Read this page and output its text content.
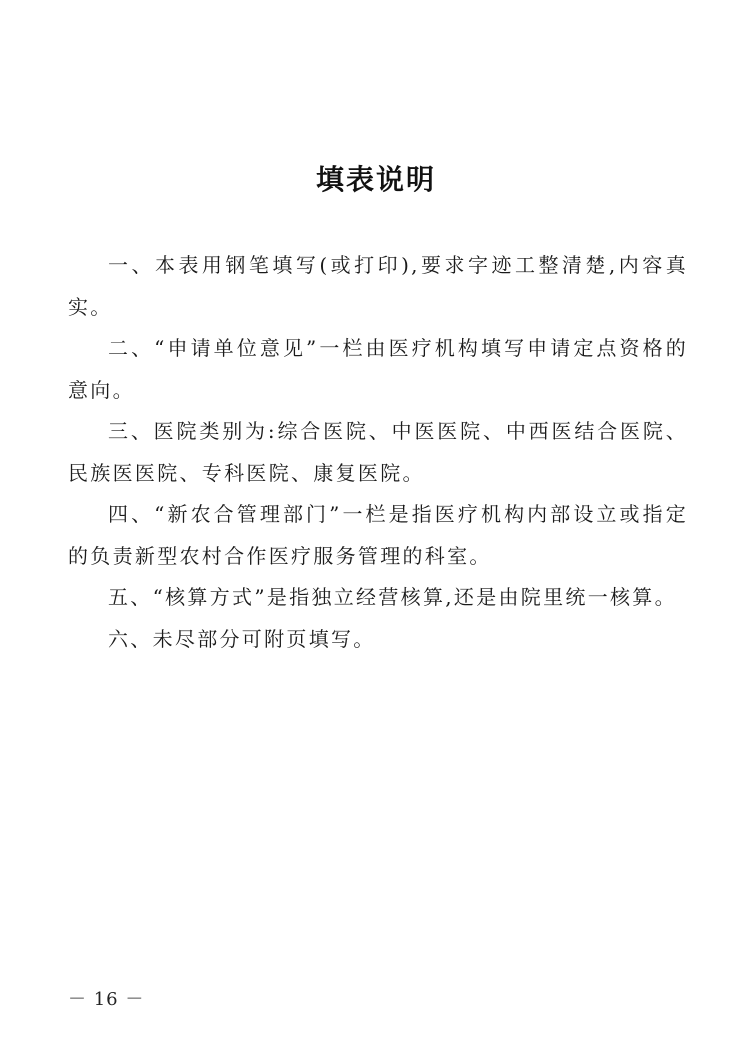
填表说明

一、本表用钢笔填写(或打印),要求字迹工整清楚,内容真实。

二、“申请单位意见”一栏由医疗机构填写申请定点资格的意向。

三、医院类别为:综合医院、中医医院、中西医结合医院、民族医医院、专科医院、康复医院。

四、“新农合管理部门”一栏是指医疗机构内部设立或指定的负责新型农村合作医疗服务管理的科室。

五、“核算方式”是指独立经营核算,还是由院里统一核算。

六、未尽部分可附页填写。

－ 16 －
